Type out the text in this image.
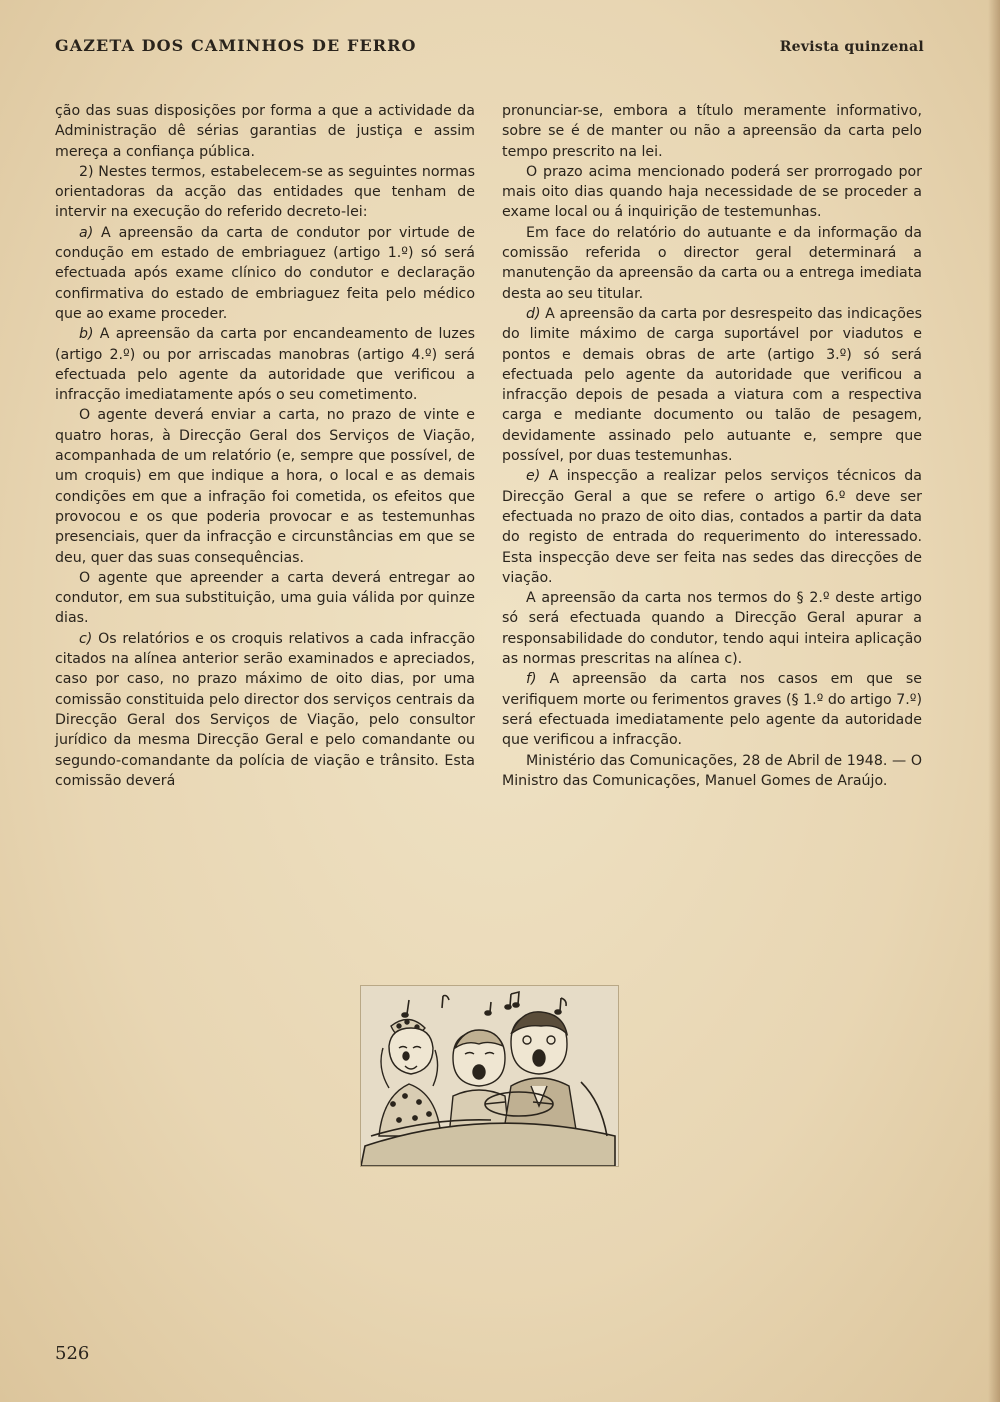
GAZETA DOS CAMINHOS DE FERRO	Revista quinzenal

ção das suas disposições por forma a que a actividade da Administração dê sérias garantias de justiça e assim mereça a confiança pública.

2) Nestes termos, estabelecem-se as seguintes normas orientadoras da acção das entidades que tenham de intervir na execução do referido decreto-lei:

a) A apreensão da carta de condutor por virtude de condução em estado de embriaguez (artigo 1.º) só será efectuada após exame clínico do condutor e declaração confirmativa do estado de embriaguez feita pelo médico que ao exame proceder.

b) A apreensão da carta por encandeamento de luzes (artigo 2.º) ou por arriscadas manobras (artigo 4.º) será efectuada pelo agente da autoridade que verificou a infracção imediatamente após o seu cometimento.

O agente deverá enviar a carta, no prazo de vinte e quatro horas, à Direcção Geral dos Serviços de Viação, acompanhada de um relatório (e, sempre que possível, de um croquis) em que indique a hora, o local e as demais condições em que a infração foi cometida, os efeitos que provocou e os que poderia provocar e as testemunhas presenciais, quer da infracção e circunstâncias em que se deu, quer das suas consequências.

O agente que apreender a carta deverá entregar ao condutor, em sua substituição, uma guia válida por quinze dias.

c) Os relatórios e os croquis relativos a cada infracção citados na alínea anterior serão examinados e apreciados, caso por caso, no prazo máximo de oito dias, por uma comissão constituida pelo director dos serviços centrais da Direcção Geral dos Serviços de Viação, pelo consultor jurídico da mesma Direcção Geral e pelo comandante ou segundo-comandante da polícia de viação e trânsito. Esta comissão deverá

pronunciar-se, embora a título meramente informativo, sobre se é de manter ou não a apreensão da carta pelo tempo prescrito na lei.

O prazo acima mencionado poderá ser prorrogado por mais oito dias quando haja necessidade de se proceder a exame local ou á inquirição de testemunhas.

Em face do relatório do autuante e da informação da comissão referida o director geral determinará a manutenção da apreensão da carta ou a entrega imediata desta ao seu titular.

d) A apreensão da carta por desrespeito das indicações do limite máximo de carga suportável por viadutos e pontos e demais obras de arte (artigo 3.º) só será efectuada pelo agente da autoridade que verificou a infracção depois de pesada a viatura com a respectiva carga e mediante documento ou talão de pesagem, devidamente assinado pelo autuante e, sempre que possível, por duas testemunhas.

e) A inspecção a realizar pelos serviços técnicos da Direcção Geral a que se refere o artigo 6.º deve ser efectuada no prazo de oito dias, contados a partir da data do registo de entrada do requerimento do interessado. Esta inspecção deve ser feita nas sedes das direcções de viação.

A apreensão da carta nos termos do § 2.º deste artigo só será efectuada quando a Direcção Geral apurar a responsabilidade do condutor, tendo aqui inteira aplicação as normas prescritas na alínea c).

f) A apreensão da carta nos casos em que se verifiquem morte ou ferimentos graves (§ 1.º do artigo 7.º) será efectuada imediatamente pelo agente da autoridade que verificou a infracção.

Ministério das Comunicações, 28 de Abril de 1948. — O Ministro das Comunicações, Manuel Gomes de Araújo.

526
